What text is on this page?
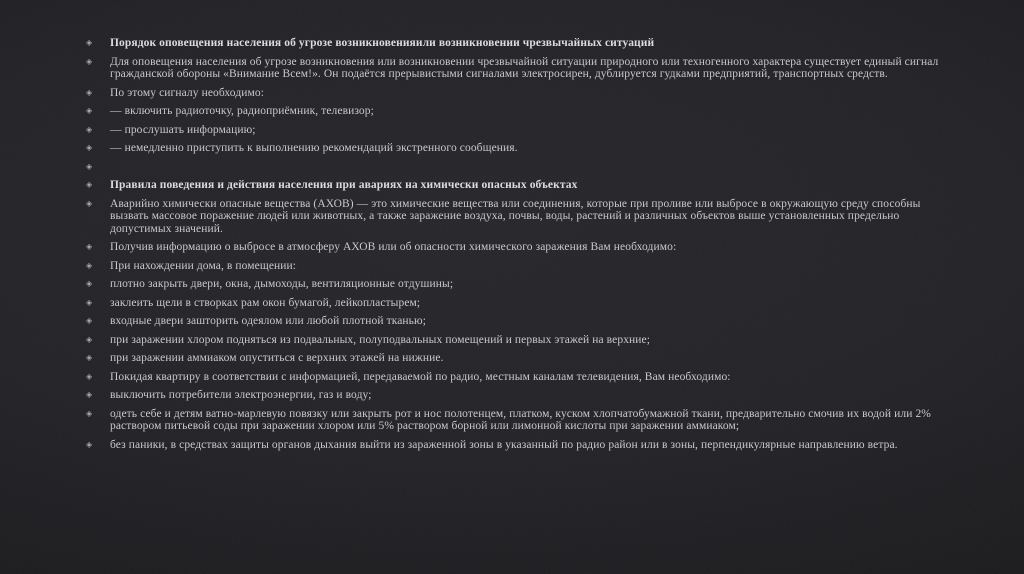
◈	Порядок оповещения населения об угрозе возникновенияили возникновении чрезвычайных ситуаций
◈	Для оповещения населения об угрозе возникновения или возникновении чрезвычайной ситуации природного или техногенного характера существует единый сигнал гражданской обороны «Внимание Всем!». Он подаётся прерывистыми сигналами электросирен, дублируется гудками предприятий, транспортных средств.
◈	По этому сигналу необходимо:
◈	— включить радиоточку, радиоприёмник, телевизор;
◈	— прослушать информацию;
◈	— немедленно приступить к выполнению рекомендаций экстренного сообщения.
◈
◈	Правила поведения и действия населения при авариях на химически опасных объектах
◈	Аварийно химически опасные вещества (АХОВ) — это химические вещества или соединения, которые при проливе или выбросе в окружающую среду способны вызвать массовое поражение людей или животных, а также заражение воздуха, почвы, воды, растений и различных объектов выше установленных предельно допустимых значений.
◈	Получив информацию о выбросе в атмосферу АХОВ или об опасности химического заражения Вам необходимо:
◈	При нахождении дома, в помещении:
◈	плотно закрыть двери, окна, дымоходы, вентиляционные отдушины;
◈	заклеить щели в створках рам окон бумагой, лейкопластырем;
◈	входные двери зашторить одеялом или любой плотной тканью;
◈	при заражении хлором подняться из подвальных, полуподвальных помещений и первых этажей на верхние;
◈	при заражении аммиаком опуститься с верхних этажей на нижние.
◈	Покидая квартиру в соответствии с информацией, передаваемой по радио, местным каналам телевидения, Вам необходимо:
◈	выключить потребители электроэнергии, газ и воду;
◈	одеть себе и детям ватно-марлевую повязку или закрыть рот и нос полотенцем, платком, куском хлопчатобумажной ткани, предварительно смочив их водой или 2% раствором питьевой соды при заражении хлором или 5% раствором борной или лимонной кислоты при заражении аммиаком;
◈	без паники, в средствах защиты органов дыхания выйти из зараженной зоны в указанный по радио район или в зоны, перпендикулярные направлению ветра.
